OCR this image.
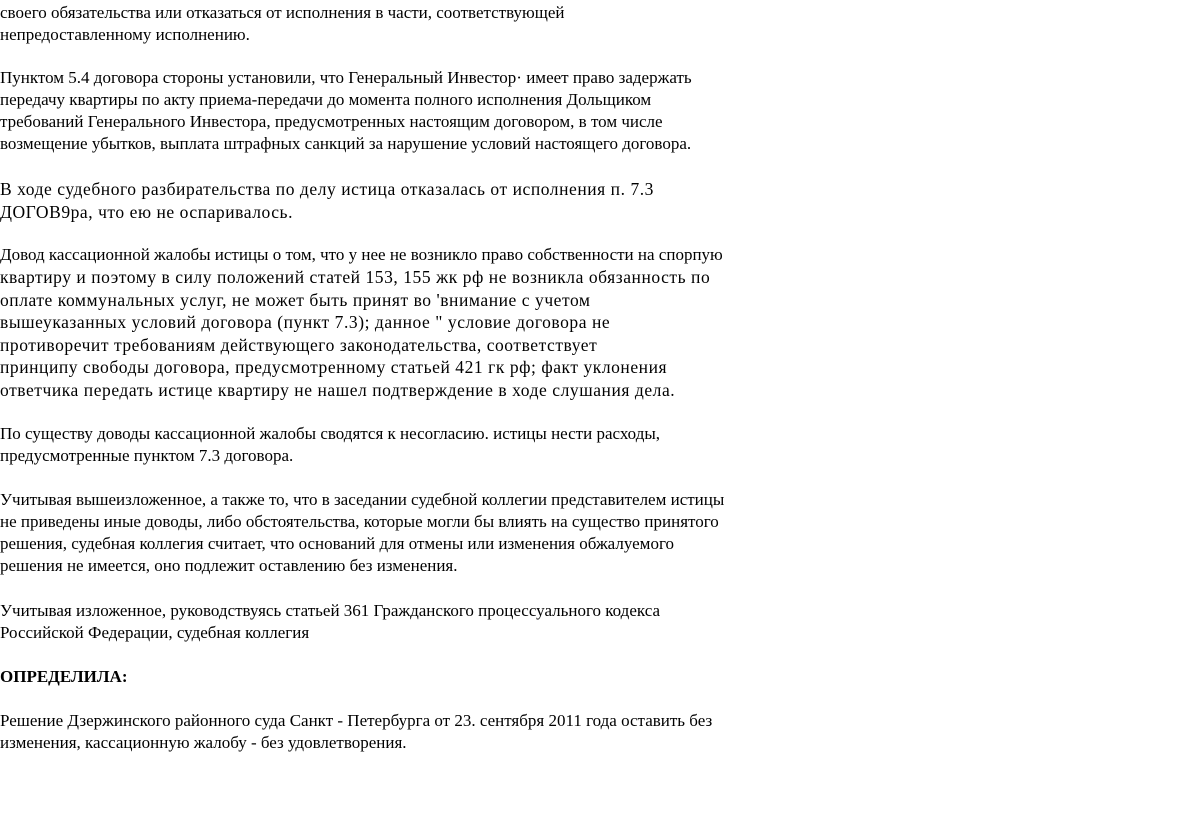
своего обязательства или отказаться от исполнения в части, соответствующей
непредоставленному исполнению.

Пунктом 5.4 договора стороны установили, что Генеральный Инвестор· имеет право задержать
передачу квартиры по акту приема-передачи до момента полного исполнения Дольщиком
требований Генерального Инвестора, предусмотренных настоящим договором, в том числе
возмещение убытков, выплата штрафных санкций за нарушение условий настоящего договора.

В ходе судебного разбирательства по делу истица отказалась от исполнения п. 7.3
ДОГОВ9ра, что ею не оспаривалось.

Довод кассационной жалобы истицы о том, что у нее не возникло право собственности на спорпую
квартиру и поэтому в силу положений статей 153, 155 жк рф не возникла обязанность по
оплате коммунальных услуг, не может быть принят во 'внимание с учетом
вышеуказанных условий договора (пункт 7.3); данное " условие договора не
противоречит требованиям действующего законодательства, соответствует
принципу свободы договора, предусмотренному статьей 421 гк рф; факт уклонения
ответчика передать истице квартиру не нашел подтверждение в ходе слушания дела.

По существу доводы кассационной жалобы сводятся к несогласию. истицы нести расходы,
предусмотренные пунктом 7.3 договора.

Учитывая вышеизложенное, а также то, что в заседании судебной коллегии представителем истицы
не приведены иные доводы, либо обстоятельства, которые могли бы влиять на существо принятого
решения, судебная коллегия считает, что оснований для отмены или изменения обжалуемого
решения не имеется, оно подлежит оставлению без изменения.

Учитывая изложенное, руководствуясь статьей 361 Гражданского процессуального кодекса
Российской Федерации, судебная коллегия

ОПРЕДЕЛИЛА:

Решение Дзержинского районного суда Санкт - Петербурга от 23. сентября 2011 года оставить без
изменения, кассационную жалобу - без удовлетворения.
